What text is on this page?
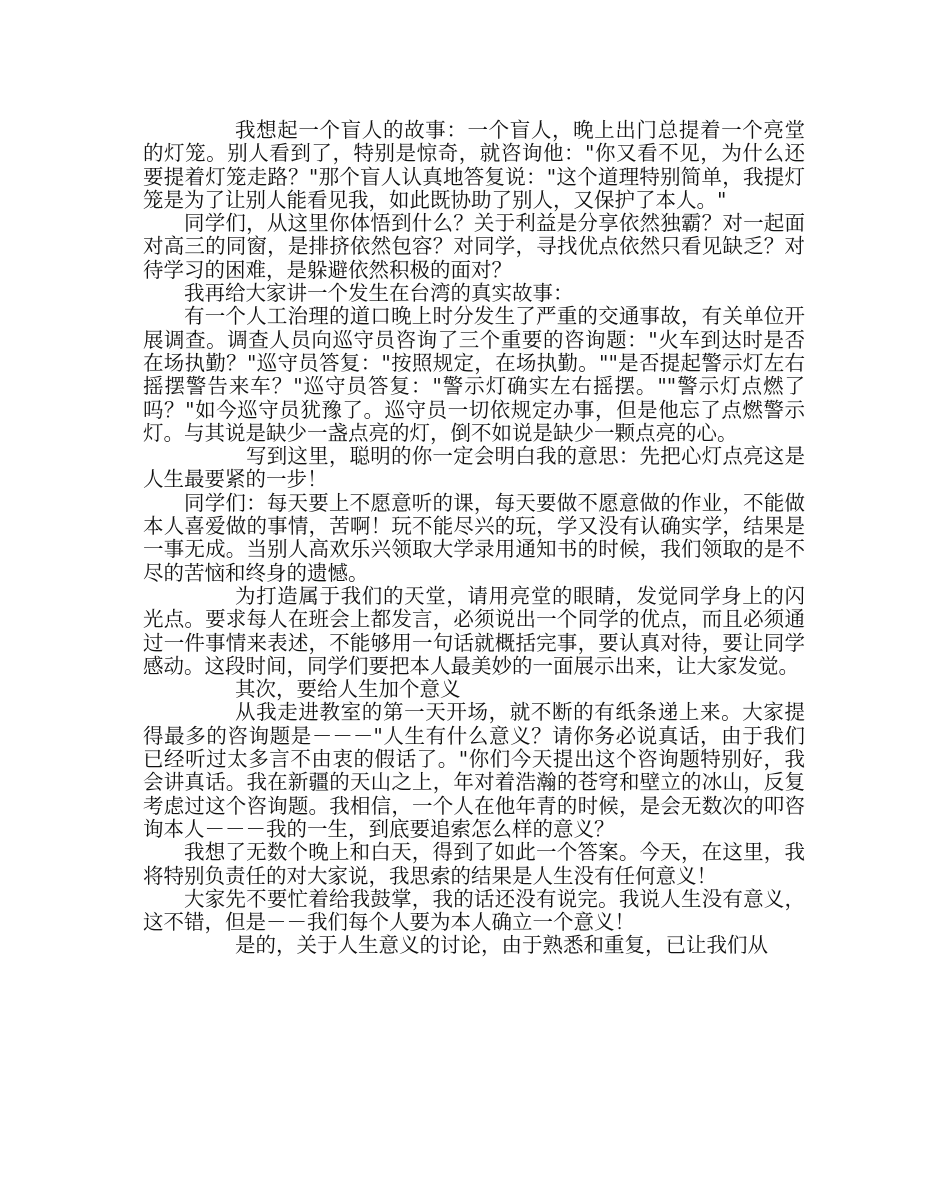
我想起一个盲人的故事：一个盲人，晚上出门总提着一个亮堂的灯笼。别人看到了，特别是惊奇，就咨询他："你又看不见，为什么还要提着灯笼走路？"那个盲人认真地答复说："这个道理特别简单，我提灯笼是为了让别人能看见我，如此既协助了别人，又保护了本人。"

同学们，从这里你体悟到什么？关于利益是分享依然独霸？对一起面对高三的同窗，是排挤依然包容？对同学，寻找优点依然只看见缺乏？对待学习的困难，是躲避依然积极的面对？

我再给大家讲一个发生在台湾的真实故事：

有一个人工治理的道口晚上时分发生了严重的交通事故，有关单位开展调查。调查人员向巡守员咨询了三个重要的咨询题："火车到达时是否在场执勤？"巡守员答复："按照规定，在场执勤。""是否提起警示灯左右摇摆警告来车？"巡守员答复："警示灯确实左右摇摆。""警示灯点燃了吗？"如今巡守员犹豫了。巡守员一切依规定办事，但是他忘了点燃警示灯。与其说是缺少一盏点亮的灯，倒不如说是缺少一颗点亮的心。

写到这里，聪明的你一定会明白我的意思：先把心灯点亮这是人生最要紧的一步！

同学们：每天要上不愿意听的课，每天要做不愿意做的作业，不能做本人喜爱做的事情，苦啊！玩不能尽兴的玩，学又没有认确实学，结果是一事无成。当别人高欢乐兴领取大学录用通知书的时候，我们领取的是不尽的苦恼和终身的遗憾。

为打造属于我们的天堂，请用亮堂的眼睛，发觉同学身上的闪光点。要求每人在班会上都发言，必须说出一个同学的优点，而且必须通过一件事情来表述，不能够用一句话就概括完事，要认真对待，要让同学感动。这段时间，同学们要把本人最美妙的一面展示出来，让大家发觉。

其次，要给人生加个意义

从我走进教室的第一天开场，就不断的有纸条递上来。大家提得最多的咨询题是－－－"人生有什么意义？请你务必说真话，由于我们已经听过太多言不由衷的假话了。"你们今天提出这个咨询题特别好，我会讲真话。我在新疆的天山之上，年对着浩瀚的苍穹和壁立的冰山，反复考虑过这个咨询题。我相信，一个人在他年青的时候，是会无数次的叩咨询本人－－－我的一生，到底要追索怎么样的意义？

我想了无数个晚上和白天，得到了如此一个答案。今天，在这里，我将特别负责任的对大家说，我思索的结果是人生没有任何意义！

大家先不要忙着给我鼓掌，我的话还没有说完。我说人生没有意义，这不错，但是－－我们每个人要为本人确立一个意义！

是的，关于人生意义的讨论，由于熟悉和重复，已让我们从
